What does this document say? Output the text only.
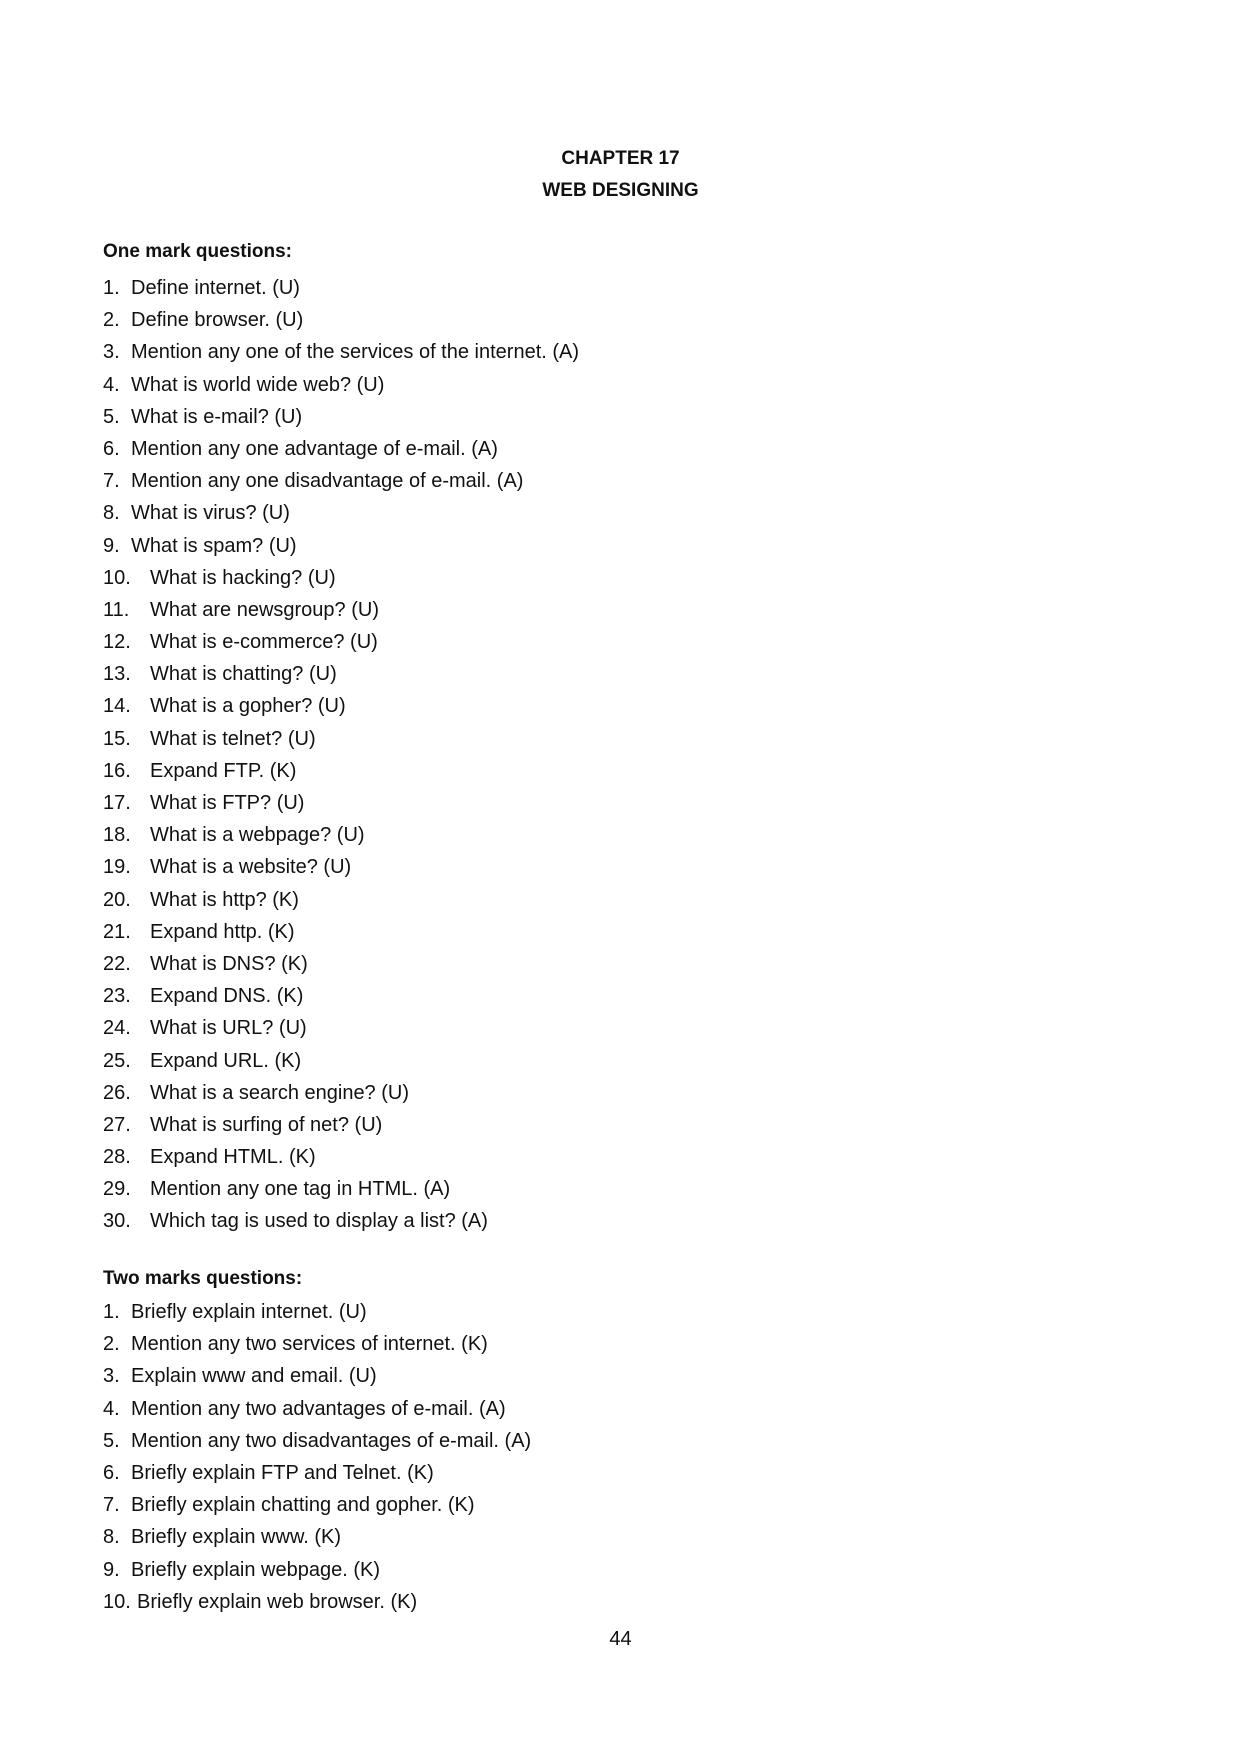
CHAPTER 17
WEB DESIGNING
One mark questions:
1. Define internet. (U)
2. Define browser. (U)
3. Mention any one of the services of the internet. (A)
4. What is world wide web? (U)
5. What is e-mail? (U)
6. Mention any one advantage of e-mail. (A)
7. Mention any one disadvantage of e-mail. (A)
8. What is virus? (U)
9. What is spam? (U)
10. What is hacking? (U)
11.	What are newsgroup? (U)
12. What is e-commerce? (U)
13. What is chatting? (U)
14. What is a gopher? (U)
15. What is telnet? (U)
16. Expand FTP. (K)
17. What is FTP? (U)
18. What is a webpage? (U)
19. What is a website? (U)
20. What is http? (K)
21. Expand http. (K)
22. What is DNS? (K)
23. Expand DNS. (K)
24. What is URL? (U)
25. Expand URL. (K)
26. What is a search engine? (U)
27. What is surfing of net? (U)
28. Expand HTML. (K)
29. Mention any one tag in HTML. (A)
30. Which tag is used to display a list? (A)
Two marks questions:
1. Briefly explain internet. (U)
2. Mention any two services of internet. (K)
3. Explain www and email. (U)
4. Mention any two advantages of e-mail. (A)
5. Mention any two disadvantages of e-mail. (A)
6. Briefly explain FTP and Telnet. (K)
7. Briefly explain chatting and gopher. (K)
8. Briefly explain www. (K)
9. Briefly explain webpage. (K)
10. Briefly explain web browser. (K)
44
